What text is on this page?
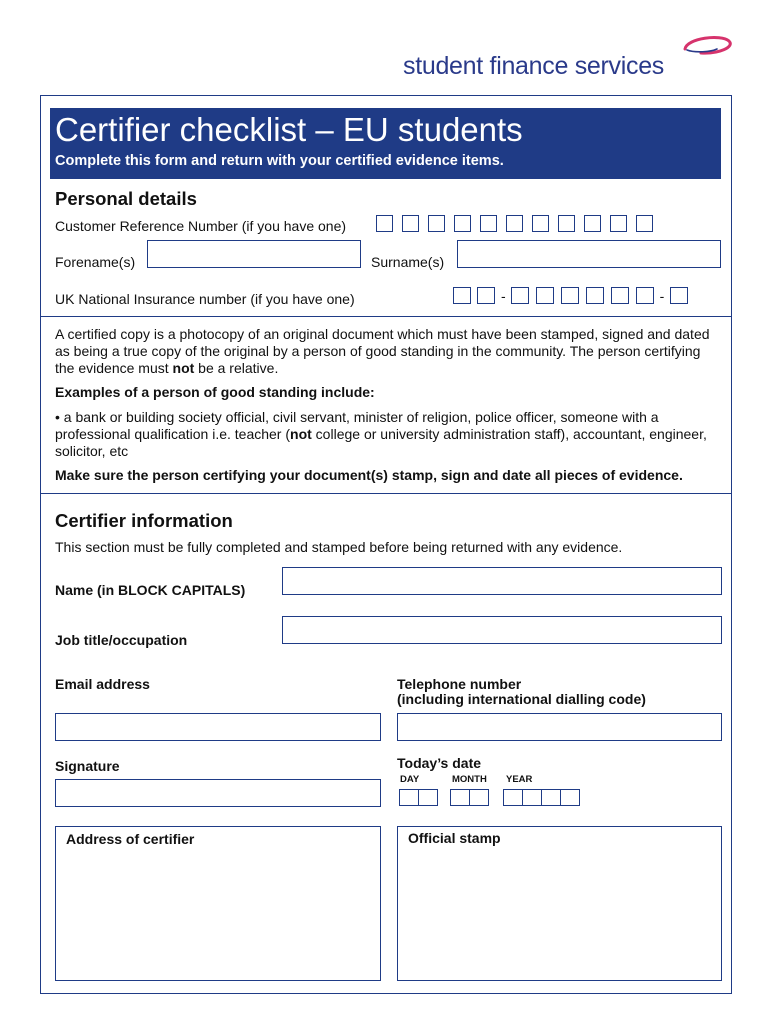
student finance services
Certifier checklist – EU students
Complete this form and return with your certified evidence items.
Personal details
Customer Reference Number (if you have one)
Forename(s)	Surname(s)
UK National Insurance number (if you have one)	-	-
A certified copy is a photocopy of an original document which must have been stamped, signed and dated as being a true copy of the original by a person of good standing in the community. The person certifying the evidence must not be a relative.
Examples of a person of good standing include:
• a bank or building society official, civil servant, minister of religion, police officer, someone with a professional qualification i.e. teacher (not college or university administration staff), accountant, engineer, solicitor, etc
Make sure the person certifying your document(s) stamp, sign and date all pieces of evidence.
Certifier information
This section must be fully completed and stamped before being returned with any evidence.
Name (in BLOCK CAPITALS)
Job title/occupation
Email address	Telephone number
(including international dialling code)
Signature	Today’s date
DAY	MONTH YEAR
Address of certifier	Official stamp
